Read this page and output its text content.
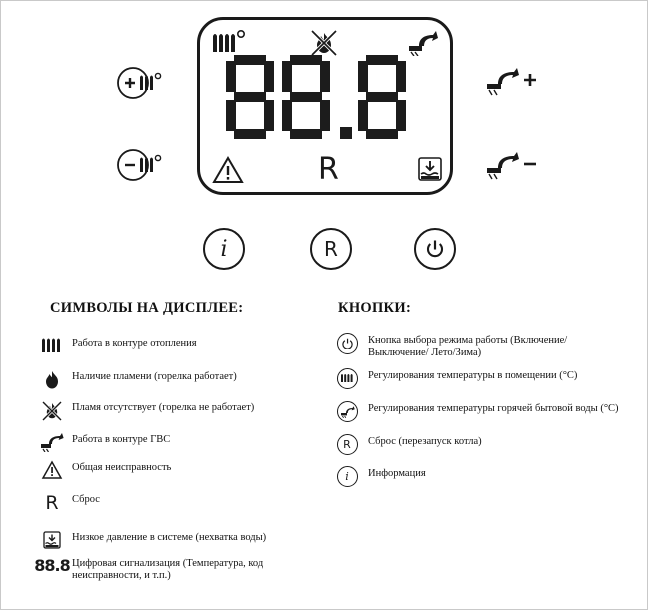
R
i	R
СИМВОЛЫ НА ДИСПЛЕЕ:	КНОПКИ:
Работа в контуре отопления
Наличие пламени (горелка работает)
Пламя отсутствует (горелка не работает)
Работа в контуре ГВС
Общая неисправность
R	Сброс
Низкое давление в системе (нехватка воды)
88.8 Цифровая сигнализация (Температура, код неисправности, и т.п.)
Кнопка выбора режима работы (Включение/ Выключение/ Лето/Зима)
Регулирования температуры в помещении (°С)
Регулирования температуры горячей бытовой воды (°С)
R Сброс (перезапуск котла)
i Информация
